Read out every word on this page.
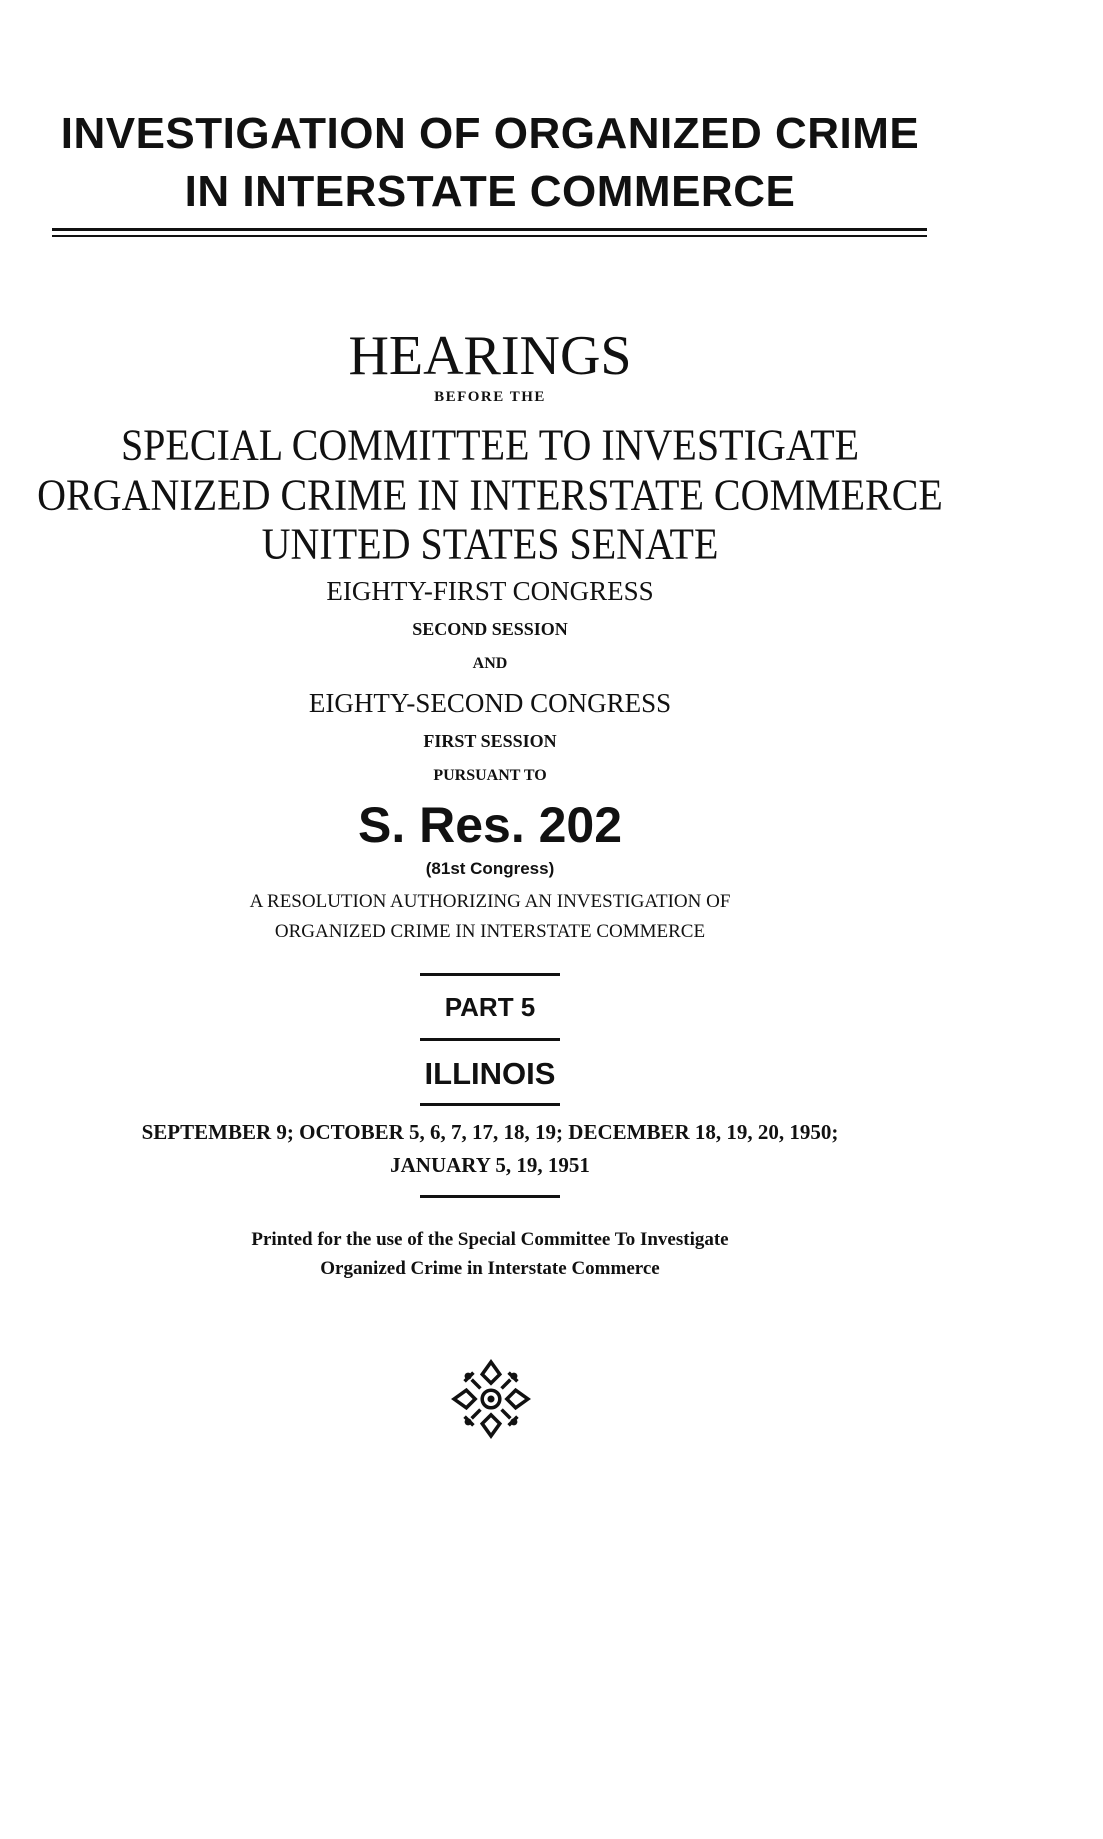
INVESTIGATION OF ORGANIZED CRIME
IN INTERSTATE COMMERCE
HEARINGS
BEFORE THE
SPECIAL COMMITTEE TO INVESTIGATE
ORGANIZED CRIME IN INTERSTATE COMMERCE
UNITED STATES SENATE
EIGHTY-FIRST CONGRESS
SECOND SESSION
AND
EIGHTY-SECOND CONGRESS
FIRST SESSION
PURSUANT TO
S. Res. 202
(81st Congress)
A RESOLUTION AUTHORIZING AN INVESTIGATION OF
ORGANIZED CRIME IN INTERSTATE COMMERCE
PART 5
ILLINOIS
SEPTEMBER 9; OCTOBER 5, 6, 7, 17, 18, 19; DECEMBER 18, 19, 20, 1950;
JANUARY 5, 19, 1951
Printed for the use of the Special Committee To Investigate
Organized Crime in Interstate Commerce
